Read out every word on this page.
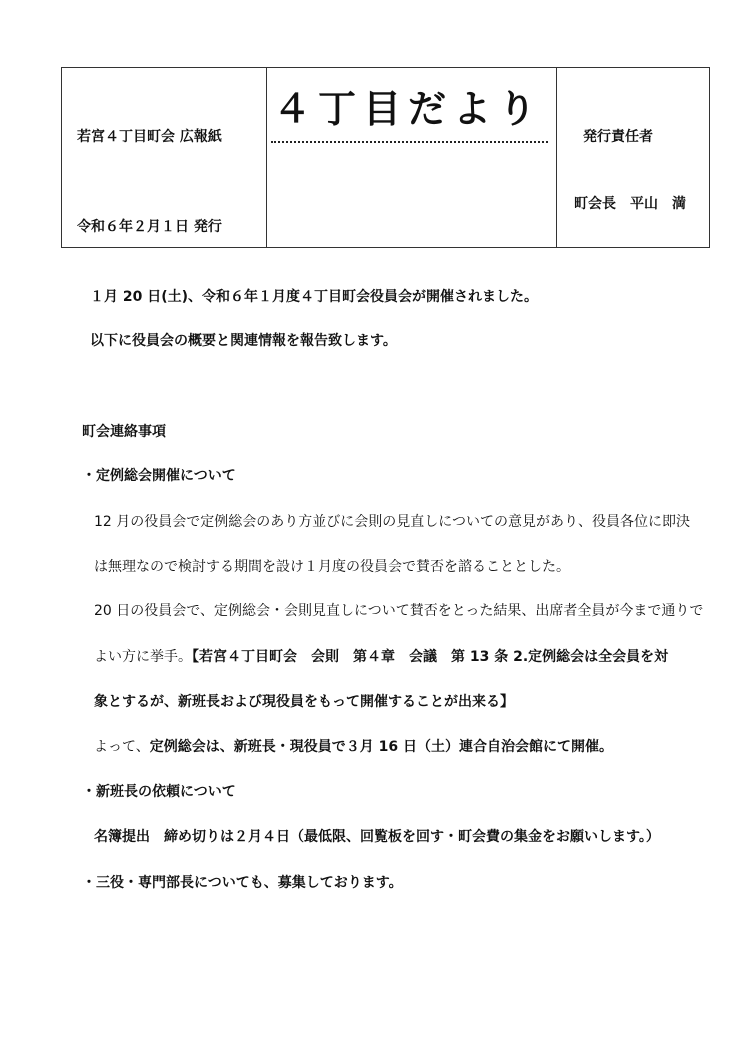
若宮４丁目町会 広報紙
令和６年２月１日 発行
４丁目だより
発行責任者
町会長　平山　満
１月 20 日(土)、令和６年１月度４丁目町会役員会が開催されました。
以下に役員会の概要と関連情報を報告致します。
町会連絡事項
・定例総会開催について
12 月の役員会で定例総会のあり方並びに会則の見直しについての意見があり、役員各位に即決
は無理なので検討する期間を設け１月度の役員会で賛否を諮ることとした。
20 日の役員会で、定例総会・会則見直しについて賛否をとった結果、出席者全員が今まで通りで
よい方に挙手。【若宮４丁目町会　会則　第４章　会議　第 13 条 2.定例総会は全会員を対
象とするが、新班長および現役員をもって開催することが出来る】
よって、定例総会は、新班長・現役員で３月 16 日（土）連合自治会館にて開催。
・新班長の依頼について
名簿提出　締め切りは２月４日（最低限、回覧板を回す・町会費の集金をお願いします。）
・三役・専門部長についても、募集しております。
